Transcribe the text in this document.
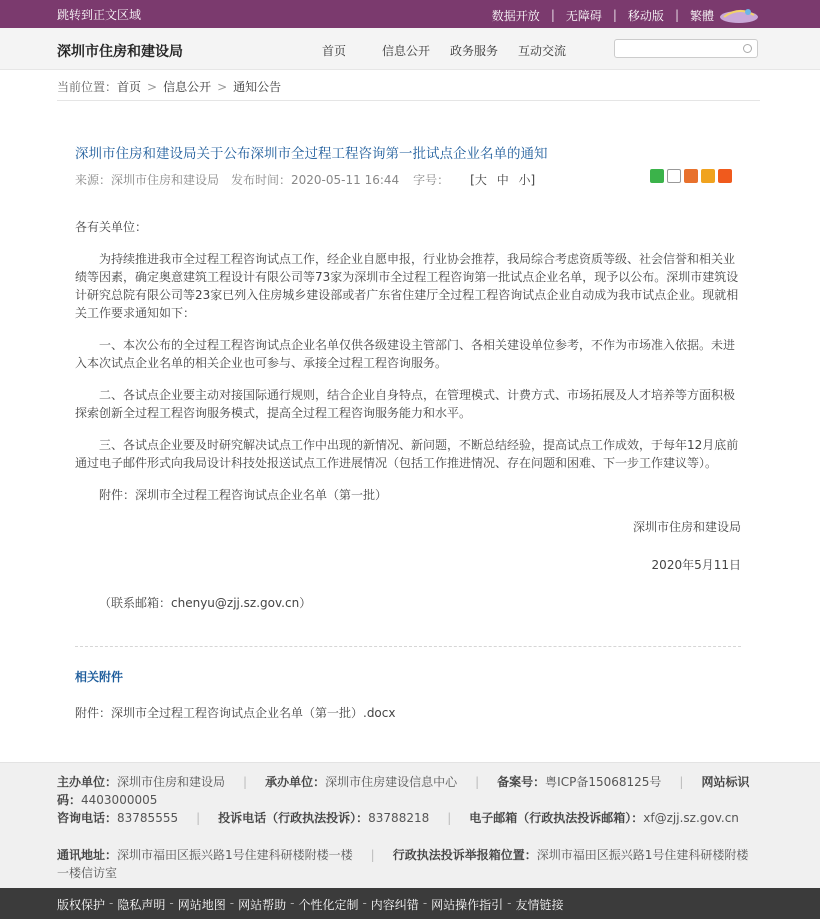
跳转到正文区域	数据开放 | 无障碍 | 移动版 | 繁體
深圳市住房和建设局	首页	信息公开 政务服务 互动交流
当前位置：首页 > 信息公开 > 通知公告
深圳市住房和建设局关于公布深圳市全过程工程咨询第一批试点企业名单的通知
来源：深圳市住房和建设局 发布时间：2020-05-11 16:44 字号： [大 中 小]

各有关单位：

为持续推进我市全过程工程咨询试点工作，经企业自愿申报，行业协会推荐，我局综合考虑资质等级、社会信誉和相关业绩等因素，确定奥意建筑工程设计有限公司等73家为深圳市全过程工程咨询第一批试点企业名单，现予以公布。深圳市建筑设计研究总院有限公司等23家已列入住房城乡建设部或者广东省住建厅全过程工程咨询试点企业自动成为我市试点企业。现就相关工作要求通知如下：

一、本次公布的全过程工程咨询试点企业名单仅供各级建设主管部门、各相关建设单位参考，不作为市场准入依据。未进入本次试点企业名单的相关企业也可参与、承接全过程工程咨询服务。

二、各试点企业要主动对接国际通行规则，结合企业自身特点，在管理模式、计费方式、市场拓展及人才培养等方面积极探索创新全过程工程咨询服务模式，提高全过程工程咨询服务能力和水平。

三、各试点企业要及时研究解决试点工作中出现的新情况、新问题，不断总结经验，提高试点工作成效，于每年12月底前通过电子邮件形式向我局设计科技处报送试点工作进展情况（包括工作推进情况、存在问题和困难、下一步工作建议等）。

附件：深圳市全过程工程咨询试点企业名单（第一批）

深圳市住房和建设局

2020年5月11日

（联系邮箱：chenyu@zjj.sz.gov.cn）

相关附件
附件：深圳市全过程工程咨询试点企业名单（第一批）.docx
主办单位：深圳市住房和建设局 | 承办单位：深圳市住房建设信息中心 | 备案号：粤ICP备15068125号 | 网站标识码：4403000005
咨询电话：83785555 | 投诉电话（行政执法投诉）：83788218 | 电子邮箱（行政执法投诉邮箱）：xf@zjj.sz.gov.cn
通讯地址：深圳市福田区振兴路1号住建科研楼附楼一楼 | 行政执法投诉举报箱位置：深圳市福田区振兴路1号住建科研楼附楼一楼信访室
版权保护 - 隐私声明 - 网站地图 - 网站帮助 - 个性化定制 - 内容纠错 - 网站操作指引 - 友情链接
